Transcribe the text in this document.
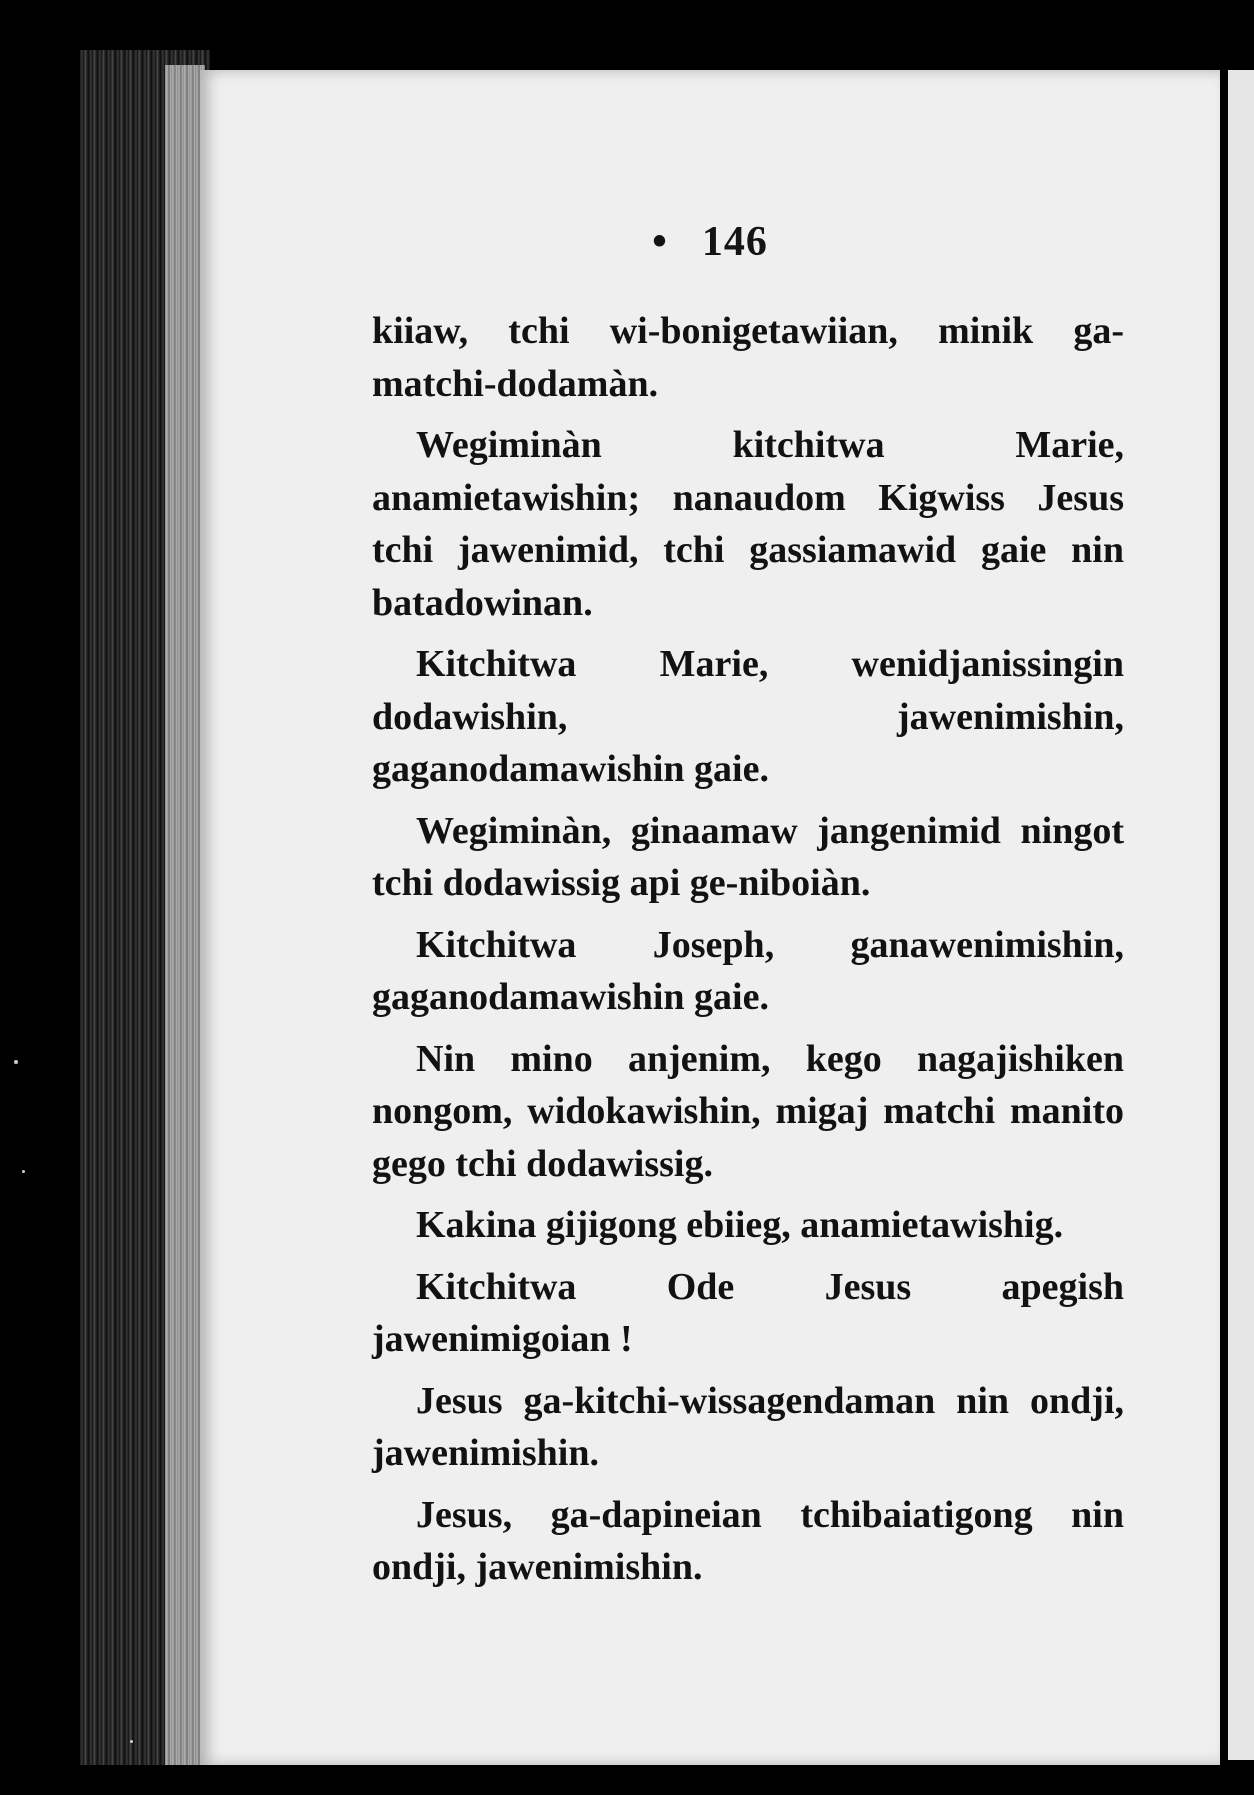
• 146

kiiaw, tchi wi-bonigetawiian, minik ga-matchi-dodamàn.

Wegiminàn kitchitwa Marie, anamietawishin; nanaudom Kigwiss Jesus tchi jawenimid, tchi gassiamawid gaie nin batadowinan.

Kitchitwa Marie, wenidjanissingin dodawishin, jawenimishin, gaganodamawishin gaie.

Wegiminàn, ginaamaw jangenimid ningot tchi dodawissig api ge-niboiàn.

Kitchitwa Joseph, ganawenimishin, gaganodamawishin gaie.

Nin mino anjenim, kego nagajishiken nongom, widokawishin, migaj matchi manito gego tchi dodawissig.

Kakina gijigong ebiieg, anamietawishig.

Kitchitwa Ode Jesus apegish jawenimigoian !

Jesus ga-kitchi-wissagendaman nin ondji, jawenimishin.

Jesus, ga-dapineian tchibaiatigong nin ondji, jawenimishin.
